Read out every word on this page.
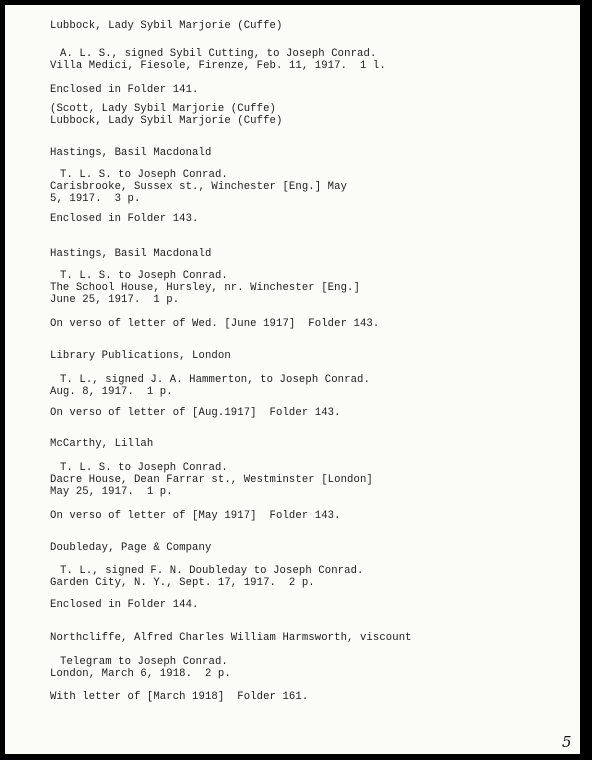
Lubbock, Lady Sybil Marjorie (Cuffe)
A. L. S., signed Sybil Cutting, to Joseph Conrad.
Villa Medici, Fiesole, Firenze, Feb. 11, 1917.  1 l.
Enclosed in Folder 141.
(Scott, Lady Sybil Marjorie (Cuffe)
Lubbock, Lady Sybil Marjorie (Cuffe)
Hastings, Basil Macdonald
T. L. S. to Joseph Conrad.
Carisbrooke, Sussex st., Winchester [Eng.] May
5, 1917.  3 p.
Enclosed in Folder 143.
Hastings, Basil Macdonald
T. L. S. to Joseph Conrad.
The School House, Hursley, nr. Winchester [Eng.]
June 25, 1917.  1 p.
On verso of letter of Wed. [June 1917]  Folder 143.
Library Publications, London
T. L., signed J. A. Hammerton, to Joseph Conrad.
Aug. 8, 1917.  1 p.
On verso of letter of [Aug.1917]  Folder 143.
McCarthy, Lillah
T. L. S. to Joseph Conrad.
Dacre House, Dean Farrar st., Westminster [London]
May 25, 1917.  1 p.
On verso of letter of [May 1917]  Folder 143.
Doubleday, Page & Company
T. L., signed F. N. Doubleday to Joseph Conrad.
Garden City, N. Y., Sept. 17, 1917.  2 p.
Enclosed in Folder 144.
Northcliffe, Alfred Charles William Harmsworth, viscount
Telegram to Joseph Conrad.
London, March 6, 1918.  2 p.
With letter of [March 1918]  Folder 161.
5
